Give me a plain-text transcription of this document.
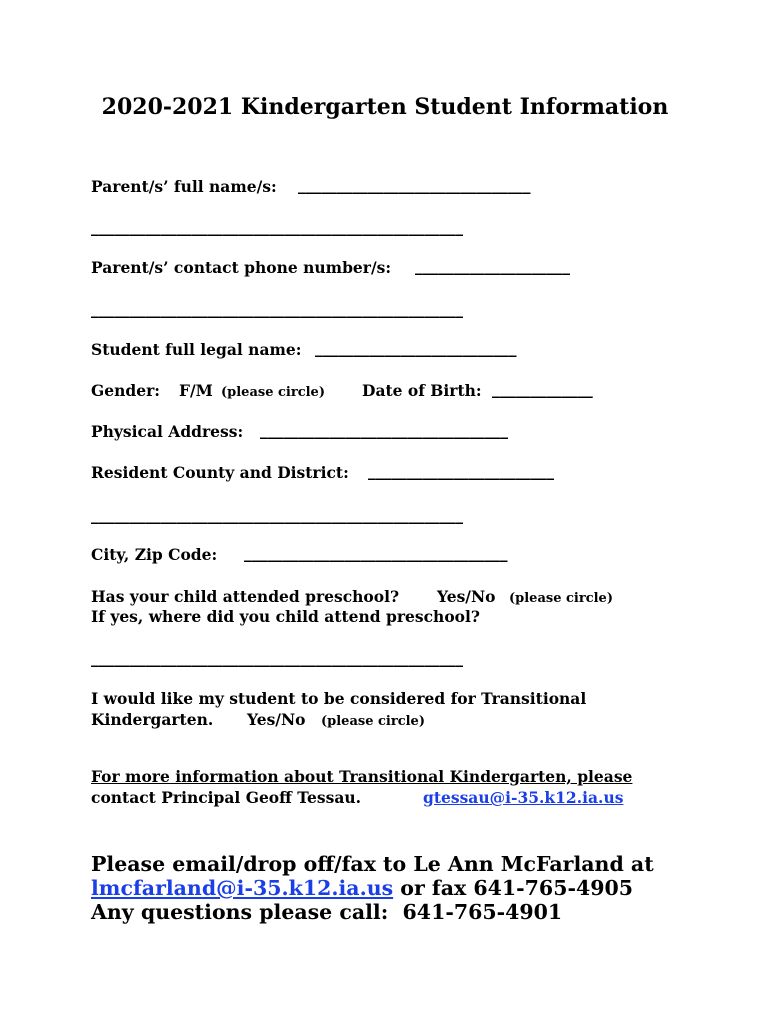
2020-2021 Kindergarten Student Information
Parent/s’ full name/s: ______________________________
________________________________________________
Parent/s’ contact phone number/s: ____________________
________________________________________________
Student full legal name: __________________________
Gender: F/M (please circle) Date of Birth: _____________
Physical Address: ________________________________
Resident County and District: ________________________
________________________________________________
City, Zip Code: __________________________________
Has your child attended preschool? Yes/No (please circle)
If yes, where did you child attend preschool?
________________________________________________
I would like my student to be considered for Transitional
Kindergarten. Yes/No (please circle)
For more information about Transitional Kindergarten, please
contact Principal Geoff Tessau.	gtessau@i-35.k12.ia.us
Please email/drop off/fax to Le Ann McFarland at
lmcfarland@i-35.k12.ia.us or fax 641-765-4905
Any questions please call:  641-765-4901
